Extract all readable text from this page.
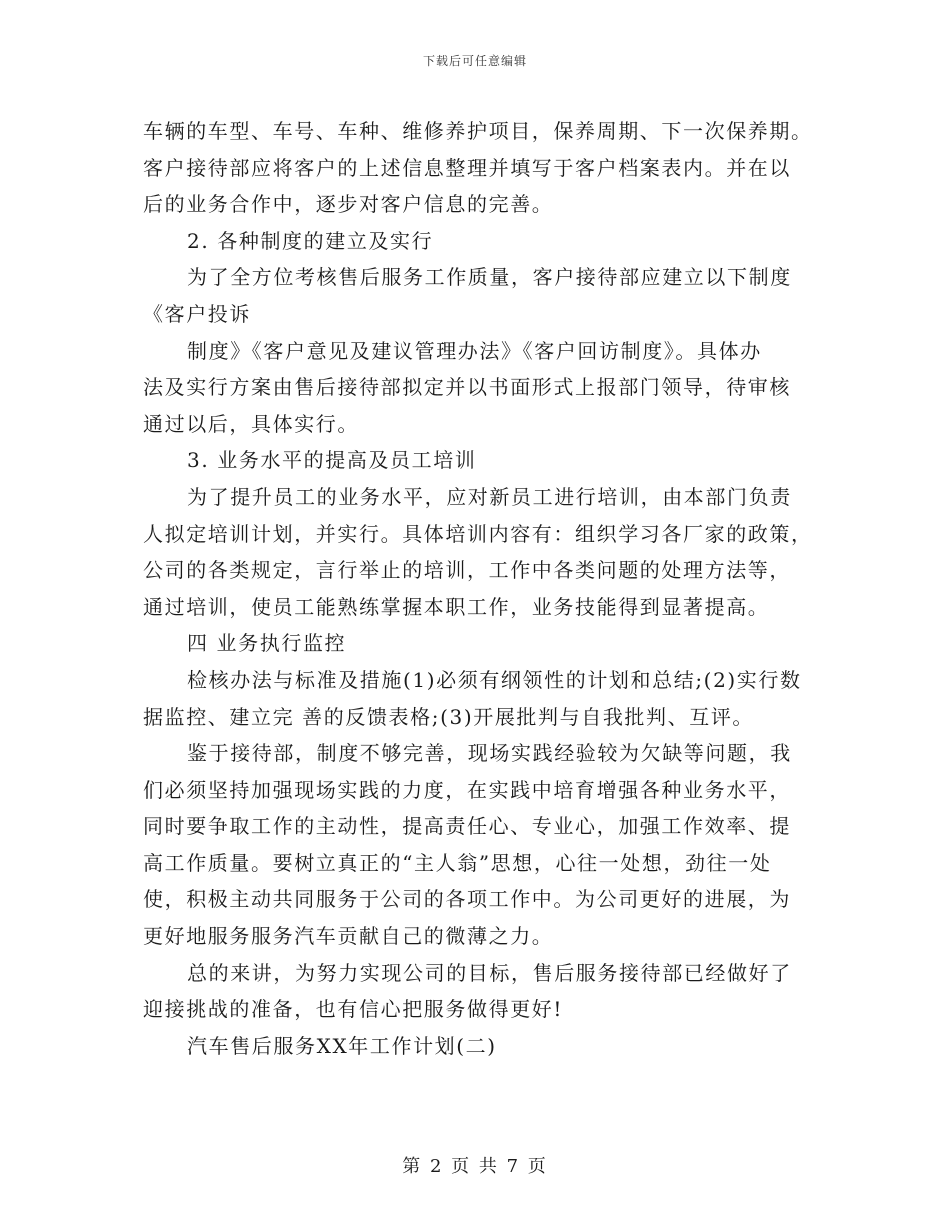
下载后可任意编辑
车辆的车型、车号、车种、维修养护项目，保养周期、下一次保养期。
客户接待部应将客户的上述信息整理并填写于客户档案表内。并在以
后的业务合作中，逐步对客户信息的完善。
2. 各种制度的建立及实行
为了全方位考核售后服务工作质量，客户接待部应建立以下制度
《客户投诉
制度》《客户意见及建议管理办法》《客户回访制度》。具体办
法及实行方案由售后接待部拟定并以书面形式上报部门领导，待审核
通过以后，具体实行。
3. 业务水平的提高及员工培训
为了提升员工的业务水平，应对新员工进行培训，由本部门负责
人拟定培训计划，并实行。具体培训内容有：组织学习各厂家的政策，
公司的各类规定，言行举止的培训，工作中各类问题的处理方法等，
通过培训，使员工能熟练掌握本职工作，业务技能得到显著提高。
四 业务执行监控
检核办法与标准及措施(1)必须有纲领性的计划和总结;(2)实行数
据监控、建立完 善的反馈表格;(3)开展批判与自我批判、互评。
鉴于接待部，制度不够完善，现场实践经验较为欠缺等问题，我
们必须坚持加强现场实践的力度，在实践中培育增强各种业务水平，
同时要争取工作的主动性，提高责任心、专业心，加强工作效率、提
高工作质量。要树立真正的“主人翁”思想，心往一处想，劲往一处
使，积极主动共同服务于公司的各项工作中。为公司更好的进展，为
更好地服务服务汽车贡献自己的微薄之力。
总的来讲，为努力实现公司的目标，售后服务接待部已经做好了
迎接挑战的准备，也有信心把服务做得更好!
汽车售后服务XX年工作计划(二)
第 2 页 共 7 页
